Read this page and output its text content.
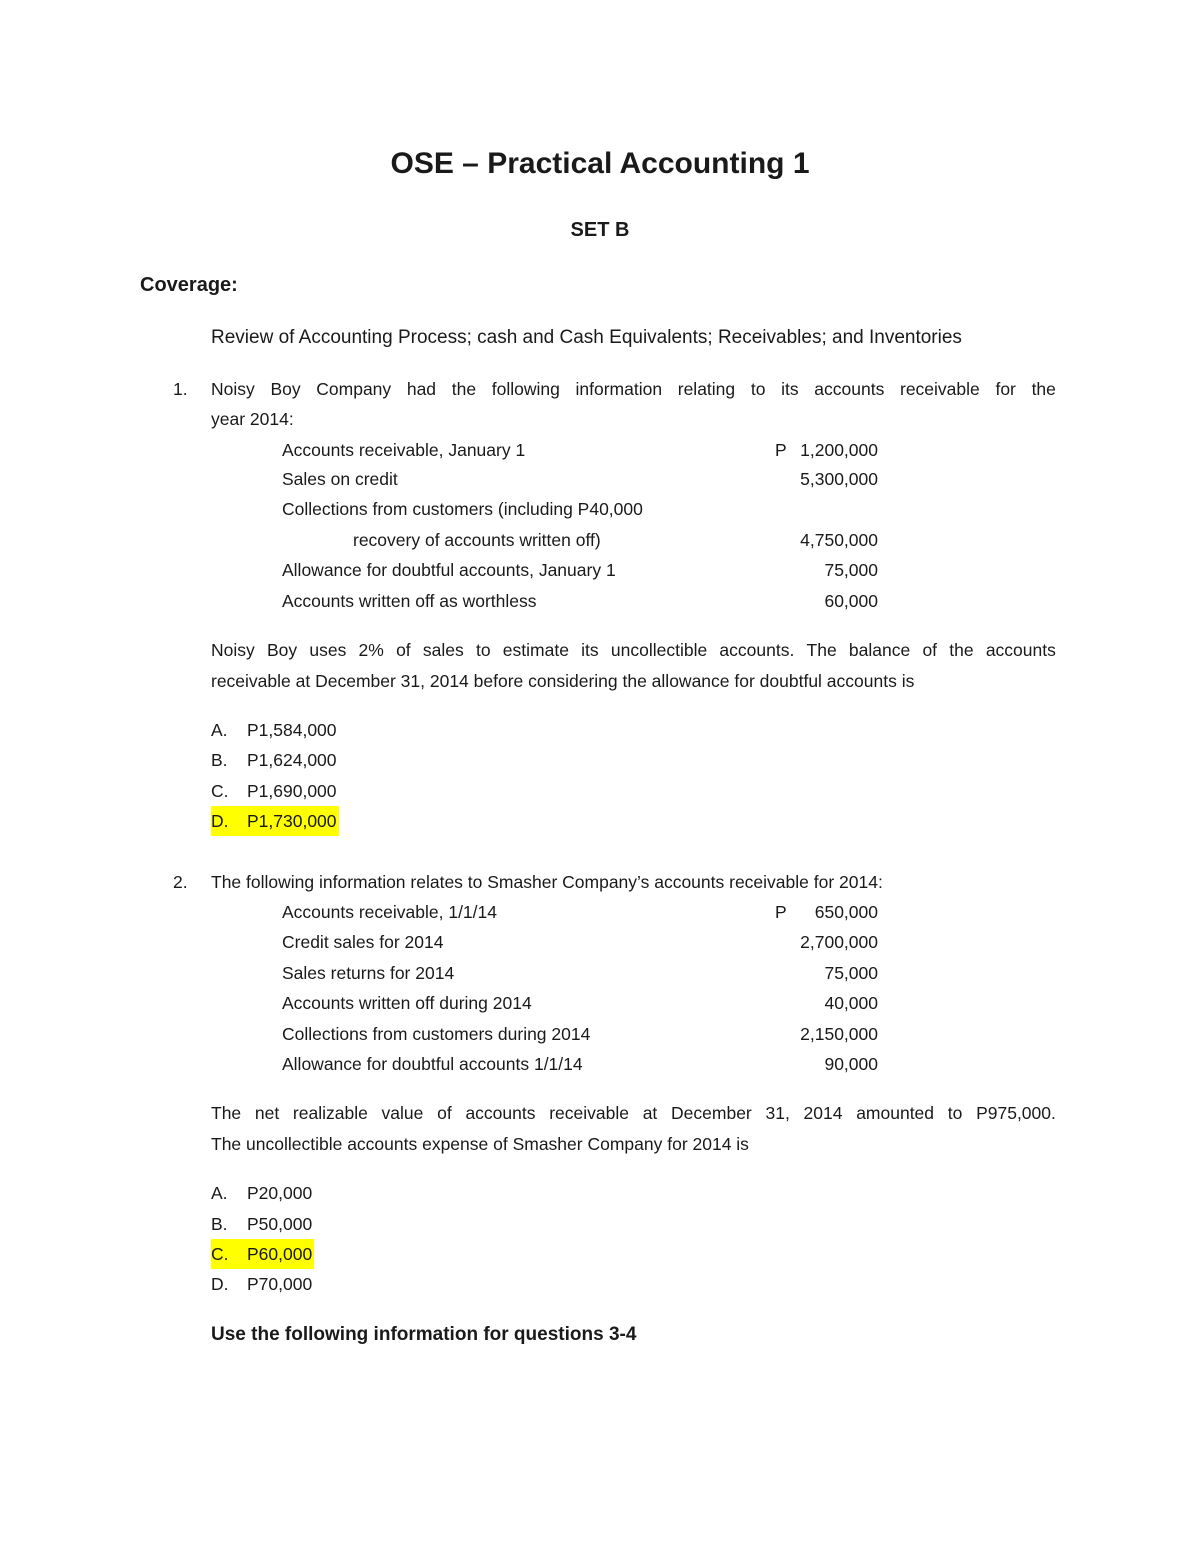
OSE – Practical Accounting 1
SET B
Coverage:
Review of Accounting Process; cash and Cash Equivalents; Receivables; and Inventories
1. Noisy Boy Company had the following information relating to its accounts receivable for the
year 2014:
Accounts receivable, January 1	P 1,200,000
Sales on credit	5,300,000
Collections from customers (including P40,000
recovery of accounts written off)	4,750,000
Allowance for doubtful accounts, January 1	75,000
Accounts written off as worthless	60,000
Noisy Boy uses 2% of sales to estimate its uncollectible accounts. The balance of the accounts
receivable at December 31, 2014 before considering the allowance for doubtful accounts is
A. P1,584,000
B. P1,624,000
C. P1,690,000
D. P1,730,000
2. The following information relates to Smasher Company’s accounts receivable for 2014:
Accounts receivable, 1/1/14	P 650,000
Credit sales for 2014	2,700,000
Sales returns for 2014	75,000
Accounts written off during 2014	40,000
Collections from customers during 2014	2,150,000
Allowance for doubtful accounts 1/1/14	90,000
The net realizable value of accounts receivable at December 31, 2014 amounted to P975,000.
The uncollectible accounts expense of Smasher Company for 2014 is
A. P20,000
B. P50,000
C. P60,000
D. P70,000
Use the following information for questions 3-4
